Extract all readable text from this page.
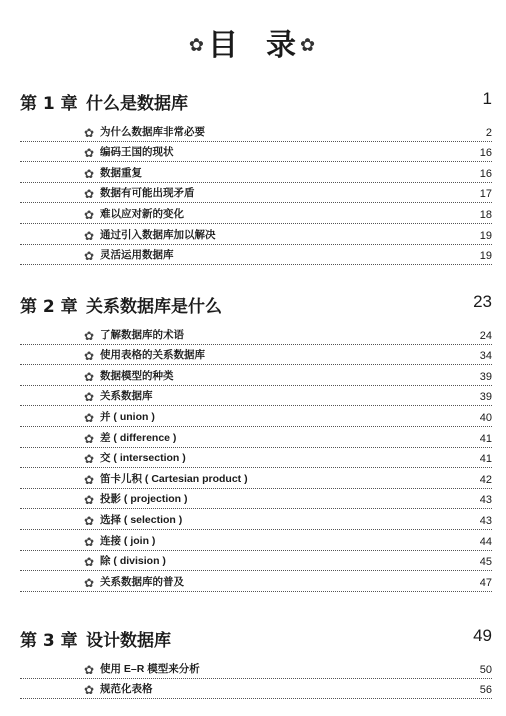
✿目 录 ✿
第 1 章 什么是数据库	1
✿ 为什么数据库非常必要	2
✿ 编码王国的现状	16
✿ 数据重复	16
✿ 数据有可能出现矛盾	17
✿ 难以应对新的变化	18
✿ 通过引入数据库加以解决	19
✿ 灵活运用数据库	19
第 2 章 关系数据库是什么	23
✿ 了解数据库的术语	24
✿ 使用表格的关系数据库	34
✿ 数据模型的种类	39
✿ 关系数据库	39
✿ 并 ( union )	40
✿ 差 ( difference )	41
✿ 交 ( intersection )	41
✿ 笛卡儿积 ( Cartesian product )	42
✿ 投影 ( projection )	43
✿ 选择 ( selection )	43
✿ 连接 ( join )	44
✿ 除 ( division )	45
✿ 关系数据库的普及	47
第 3 章 设计数据库	49
✿ 使用 E–R 模型来分析	50
✿ 规范化表格	56
